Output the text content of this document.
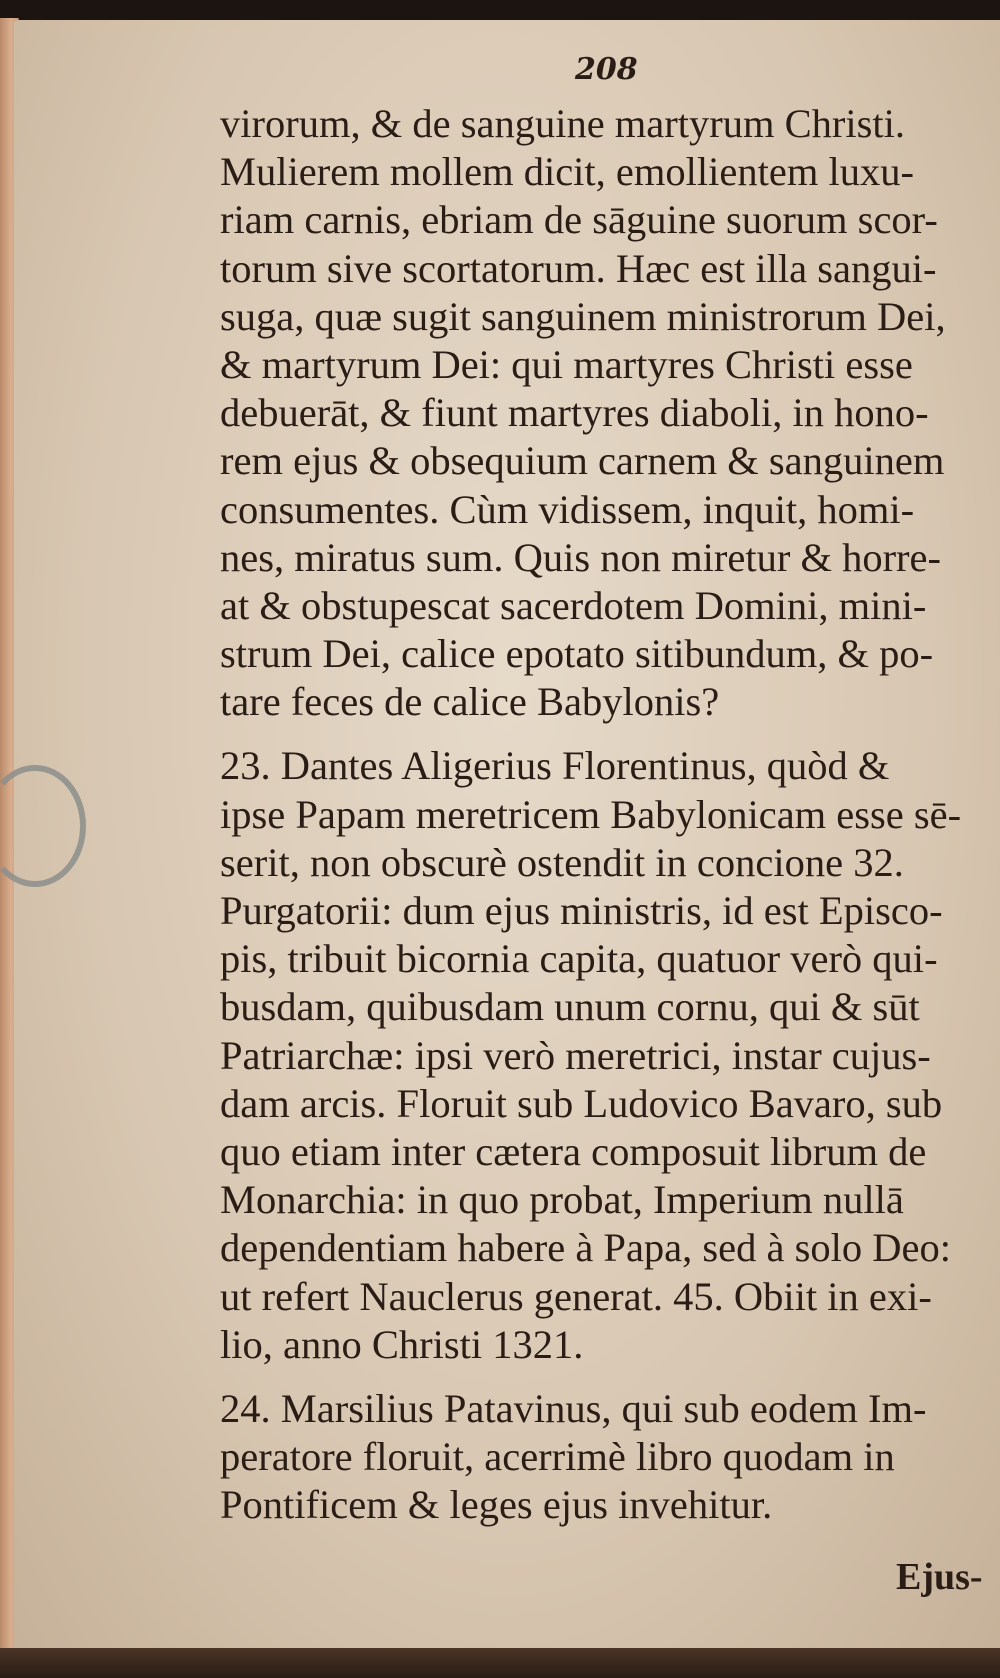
208
virorum, & de sanguine martyrum Christi.
Mulierem mollem dicit, emollientem luxu-
riam carnis, ebriam de sāguine suorum scor-
torum sive scortatorum. Hæc est illa sangui-
suga, quæ sugit sanguinem ministrorum Dei,
& martyrum Dei: qui martyres Christi esse
debuerāt, & fiunt martyres diaboli, in hono-
rem ejus & obsequium carnem & sanguinem
consumentes. Cùm vidissem, inquit, homi-
nes, miratus sum. Quis non miretur & horre-
at & obstupescat sacerdotem Domini, mini-
strum Dei, calice epotato sitibundum, & po-
tare feces de calice Babylonis?
23. Dantes Aligerius Florentinus, quòd &
ipse Papam meretricem Babylonicam esse sē-
serit, non obscurè ostendit in concione 32.
Purgatorii: dum ejus ministris, id est Episco-
pis, tribuit bicornia capita, quatuor verò qui-
busdam, quibusdam unum cornu, qui & sūt
Patriarchæ: ipsi verò meretrici, instar cujus-
dam arcis. Floruit sub Ludovico Bavaro, sub
quo etiam inter cætera composuit librum de
Monarchia: in quo probat, Imperium nullā
dependentiam habere à Papa, sed à solo Deo:
ut refert Nauclerus generat. 45. Obiit in exi-
lio, anno Christi 1321.
24. Marsilius Patavinus, qui sub eodem Im-
peratore floruit, acerrimè libro quodam in
Pontificem & leges ejus invehitur.
Ejus-
